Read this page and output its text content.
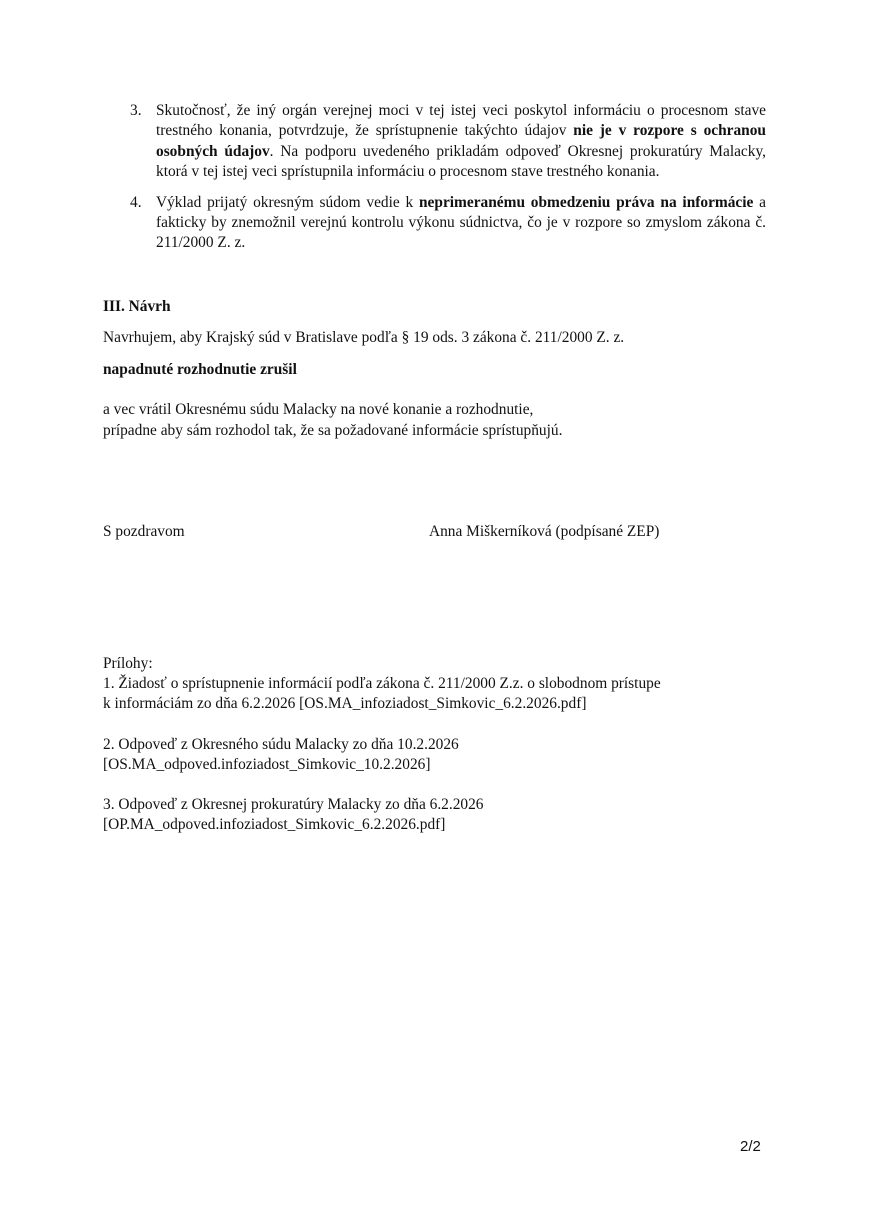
3. Skutočnosť, že iný orgán verejnej moci v tej istej veci poskytol informáciu o procesnom stave trestného konania, potvrdzuje, že sprístupnenie takýchto údajov nie je v rozpore s ochranou osobných údajov. Na podporu uvedeného prikladám odpoveď Okresnej prokuratúry Malacky, ktorá v tej istej veci sprístupnila informáciu o procesnom stave trestného konania.
4. Výklad prijatý okresným súdom vedie k neprimeranému obmedzeniu práva na informácie a fakticky by znemožnil verejnú kontrolu výkonu súdnictva, čo je v rozpore so zmyslom zákona č. 211/2000 Z. z.
III. Návrh
Navrhujem, aby Krajský súd v Bratislave podľa § 19 ods. 3 zákona č. 211/2000 Z. z.
napadnuté rozhodnutie zrušil
a vec vrátil Okresnému súdu Malacky na nové konanie a rozhodnutie,
prípadne aby sám rozhodol tak, že sa požadované informácie sprístupňujú.
S pozdravom	Anna Miškerníková (podpísané ZEP)
Prílohy:
1. Žiadosť o sprístupnenie informácií podľa zákona č. 211/2000 Z.z. o slobodnom prístupe
k informáciám zo dňa 6.2.2026 [OS.MA_infoziadost_Simkovic_6.2.2026.pdf]
2. Odpoveď z Okresného súdu Malacky zo dňa 10.2.2026
[OS.MA_odpoved.infoziadost_Simkovic_10.2.2026]
3. Odpoveď z Okresnej prokuratúry Malacky zo dňa 6.2.2026
[OP.MA_odpoved.infoziadost_Simkovic_6.2.2026.pdf]
2/2
